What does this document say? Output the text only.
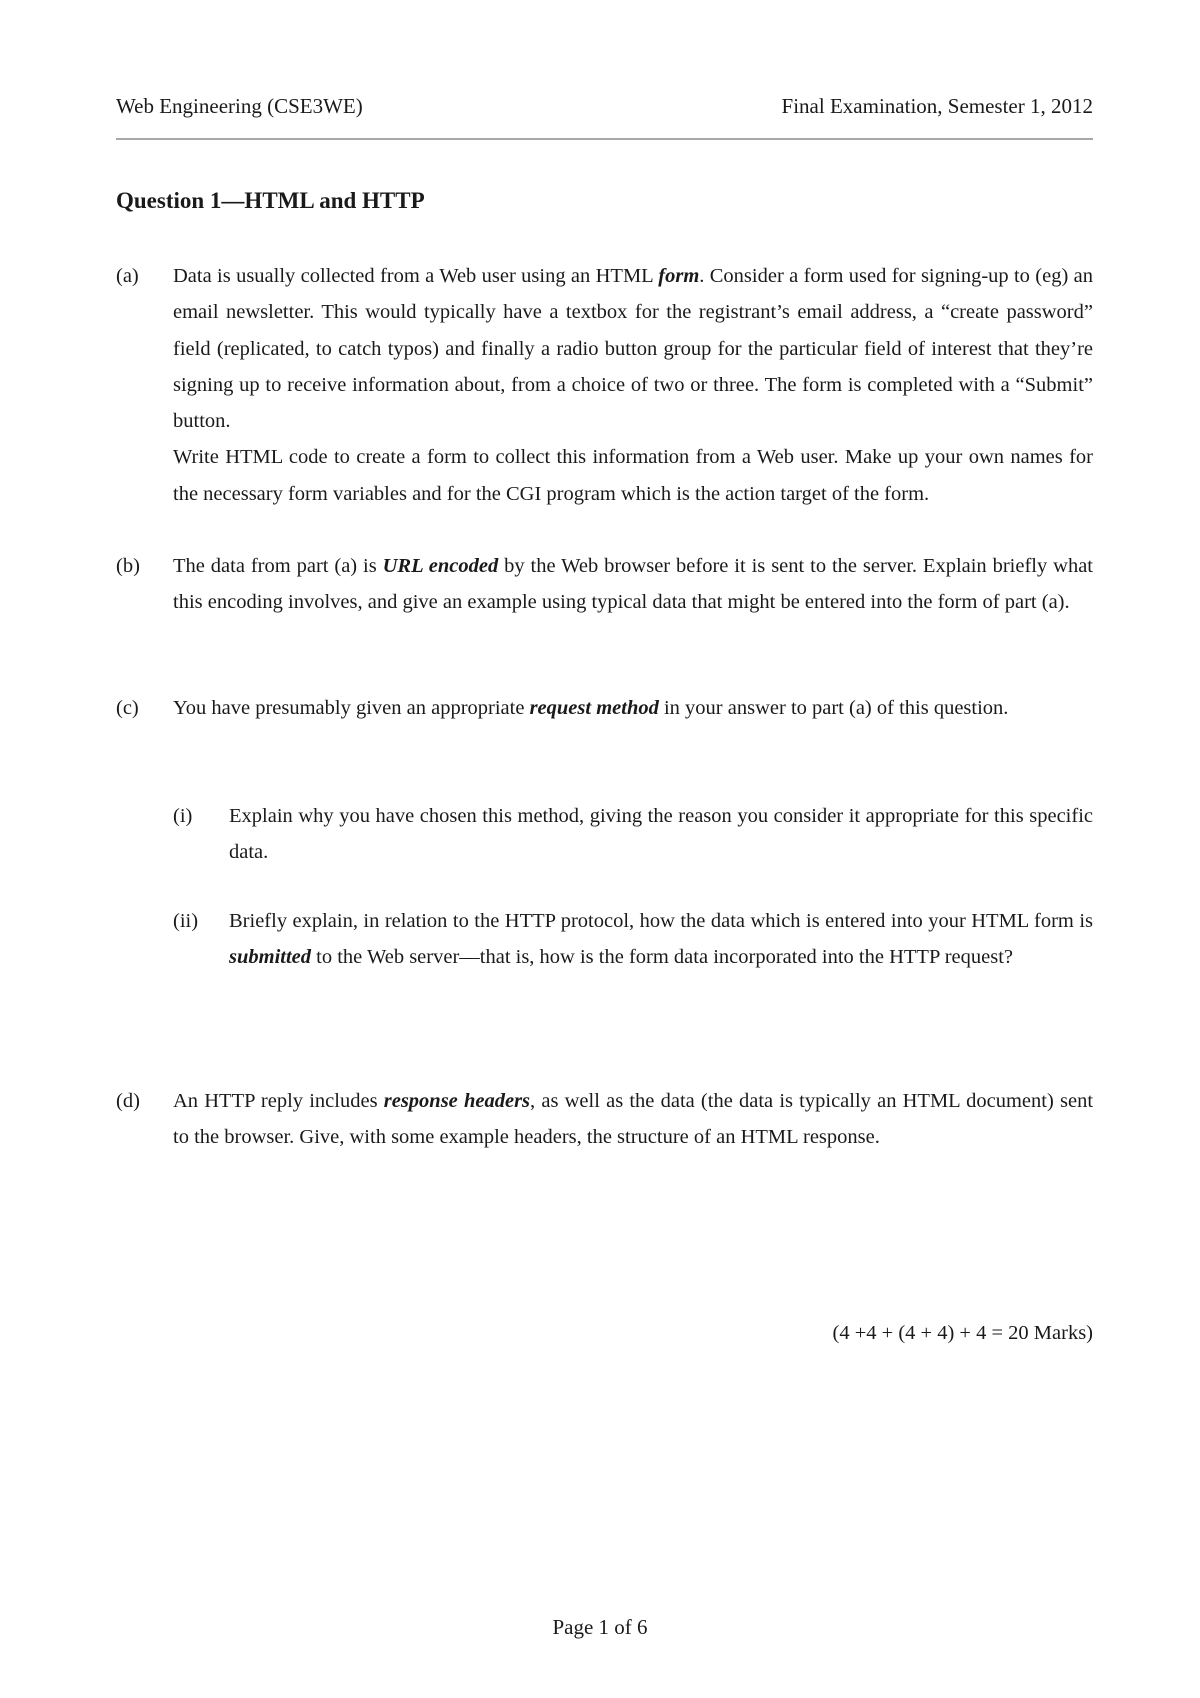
Web Engineering (CSE3WE)	Final Examination, Semester 1, 2012
Question 1—HTML and HTTP
(a) Data is usually collected from a Web user using an HTML form. Consider a form used for signing-up to (eg) an email newsletter. This would typically have a textbox for the registrant’s email address, a “create password” field (replicated, to catch typos) and finally a radio button group for the particular field of interest that they’re signing up to receive information about, from a choice of two or three. The form is completed with a “Submit” button.

Write HTML code to create a form to collect this information from a Web user. Make up your own names for the necessary form variables and for the CGI program which is the action target of the form.

(b) The data from part (a) is URL encoded by the Web browser before it is sent to the server. Explain briefly what this encoding involves, and give an example using typical data that might be entered into the form of part (a).

(c) You have presumably given an appropriate request method in your answer to part (a) of this question.

(i) Explain why you have chosen this method, giving the reason you consider it appropriate for this specific data.
(ii) Briefly explain, in relation to the HTTP protocol, how the data which is entered into your HTML form is submitted to the Web server—that is, how is the form data incorporated into the HTTP request?
(d) An HTTP reply includes response headers, as well as the data (the data is typically an HTML document) sent to the browser. Give, with some example headers, the structure of an HTML response.

(4 +4 + (4 + 4) + 4 = 20 Marks)
Page 1 of 6
